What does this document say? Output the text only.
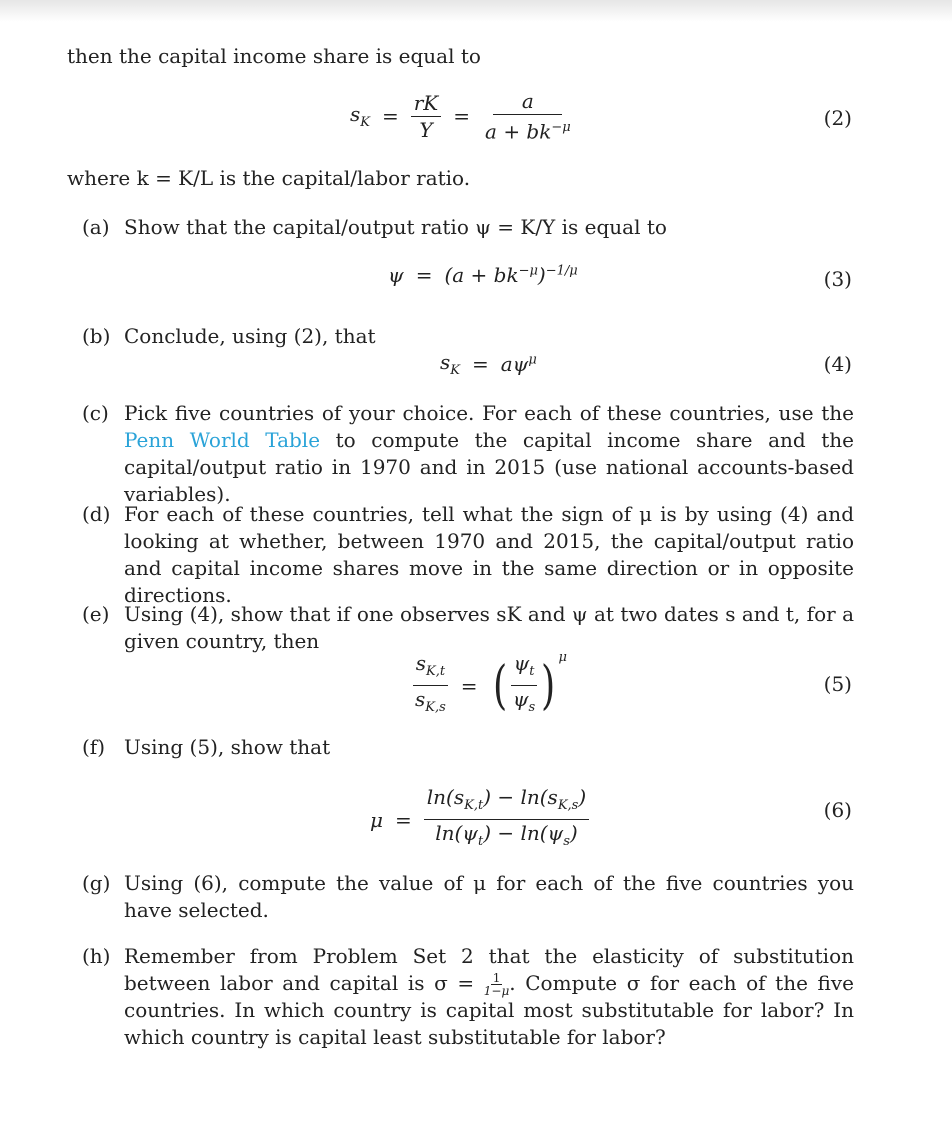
then the capital income share is equal to
$s_K = \frac{rK}{Y} = \frac{a}{a + bk^{-\mu}}$	(2)
where k = K/L is the capital/labor ratio.
(a) Show that the capital/output ratio ψ = K/Y is equal to
$\psi = (a + bk^{-\mu})^{-1/\mu}$	(3)
(b) Conclude, using (2), that
$s_K = a\psi^\mu$	(4)
(c) Pick five countries of your choice. For each of these countries, use the Penn World Table to compute the capital income share and the capital/output ratio in 1970 and in 2015 (use national accounts-based variables).
(d) For each of these countries, tell what the sign of μ is by using (4) and looking at whether, between 1970 and 2015, the capital/output ratio and capital income shares move in the same direction or in opposite directions.
(e) Using (4), show that if one observes sK and ψ at two dates s and t, for a given country, then
$\frac{s_{K,t}}{s_{K,s}}$ = ( $\frac{\psi_t}{\psi_s}$ ) μ
(5)
(f) Using (5), show that
$\mu = \frac{\ln(s_{K,t}) - \ln(s_{K,s})}{\ln(\psi_t) - \ln(\psi_s)}$	(6)
(g) Using (6), compute the value of μ for each of the five countries you have selected.
(h) Remember from Problem Set 2 that the elasticity of substitution between labor and capital is $\sigma = \frac{1}{1-\mu}$ . Compute σ for each of the five countries. In which country is capital most substitutable for labor? In which country is capital least substitutable for labor?
